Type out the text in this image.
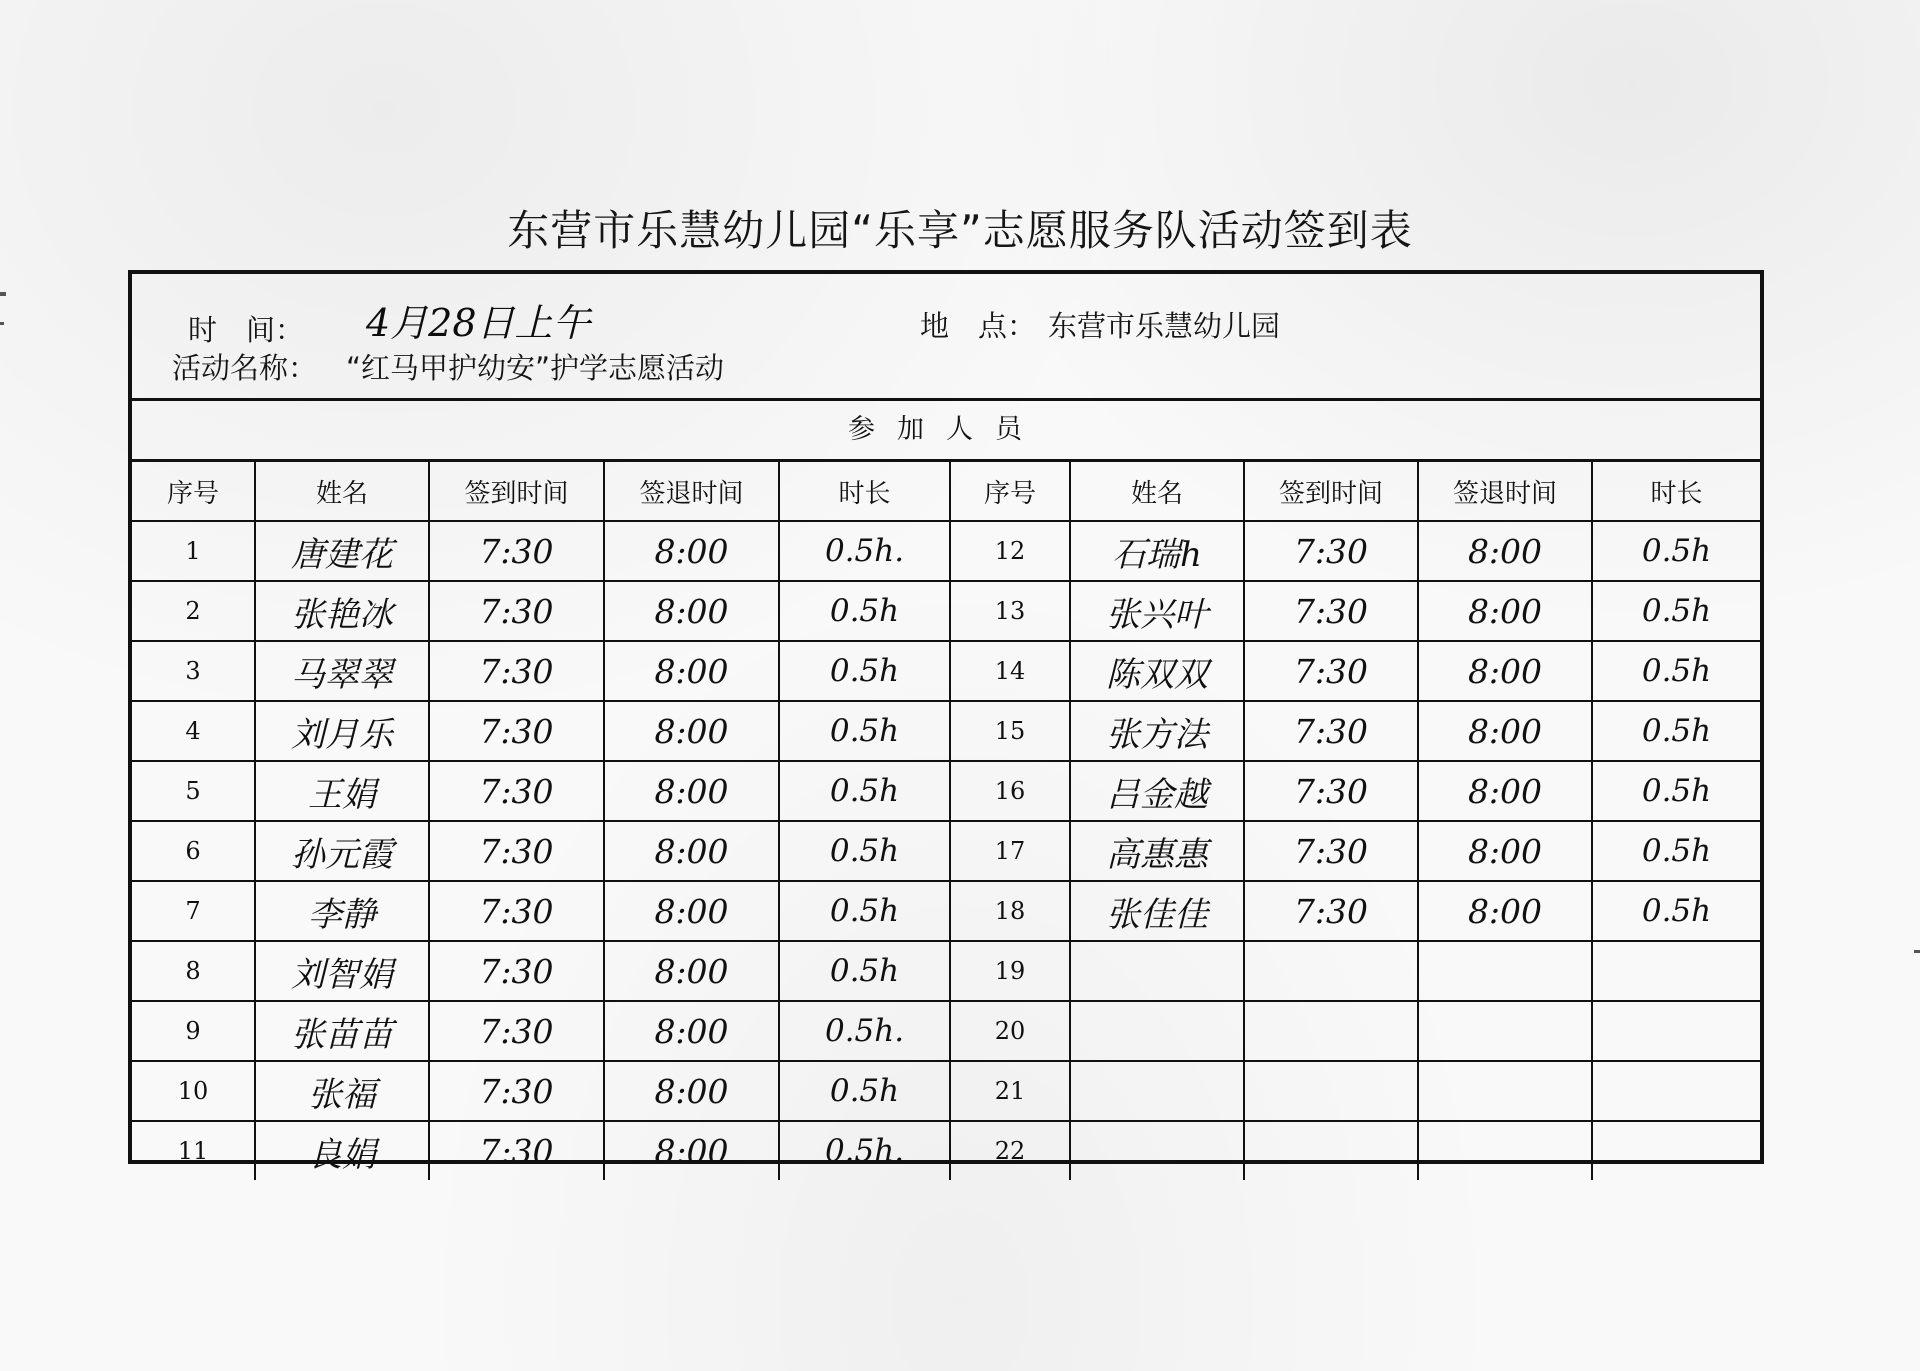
东营市乐慧幼儿园“乐享”志愿服务队活动签到表
时　间： 4月28日上午	地　点： 东营市乐慧幼儿园
活动名称： “红马甲护幼安”护学志愿活动
参加人员
序号	姓名	签到时间	签退时间	时长	序号	姓名	签到时间	签退时间	时长
1	唐建花	7:30	8:00	0.5h.	12	石瑞h	7:30	8:00	0.5h
2	张艳冰	7:30	8:00	0.5h	13	张兴叶	7:30	8:00	0.5h
3	马翠翠	7:30	8:00	0.5h	14	陈双双	7:30	8:00	0.5h
4	刘月乐	7:30	8:00	0.5h	15	张方法	7:30	8:00	0.5h
5	王娟	7:30	8:00	0.5h	16	吕金越	7:30	8:00	0.5h
6	孙元霞	7:30	8:00	0.5h	17	高惠惠	7:30	8:00	0.5h
7	李静	7:30	8:00	0.5h	18	张佳佳	7:30	8:00	0.5h
8	刘智娟	7:30	8:00	0.5h	19				
9	张苗苗	7:30	8:00	0.5h.	20				
10	张福	7:30	8:00	0.5h	21				
11	良娟	7:30	8:00	0.5h.	22				
